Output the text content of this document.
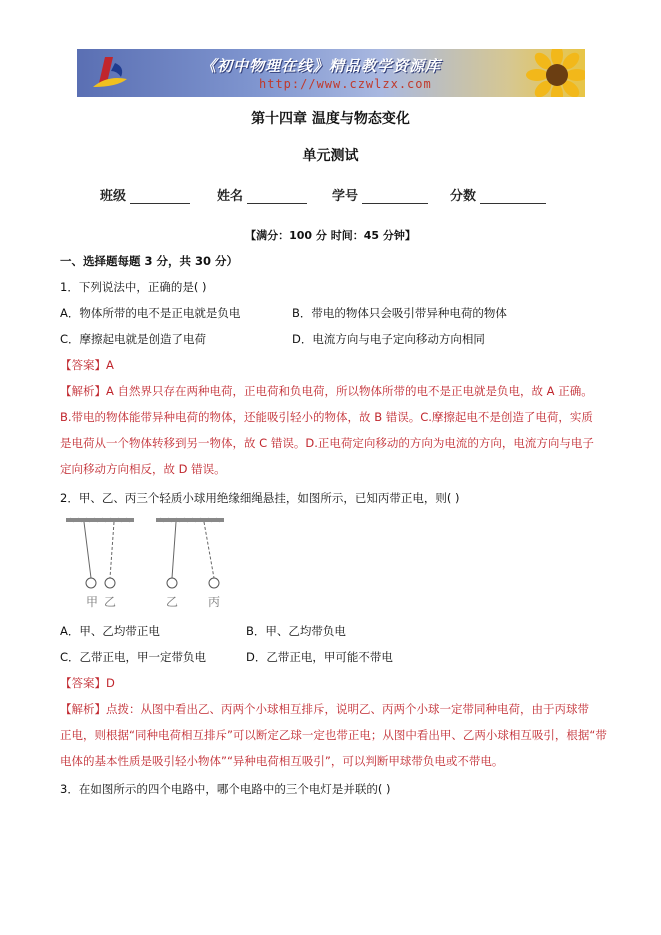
《初中物理在线》精品教学资源库
http://www.czwlzx.com
第十四章 温度与物态变化
单元测试
班级	姓名	学号	分数
【满分：100 分 时间：45 分钟】
一、选择题每题 3 分，共 30 分）
1．下列说法中，正确的是( )
A．物体所带的电不是正电就是负电	B．带电的物体只会吸引带异种电荷的物体
C．摩擦起电就是创造了电荷	D．电流方向与电子定向移动方向相同
【答案】A
【解析】A 自然界只存在两种电荷，正电荷和负电荷，所以物体所带的电不是正电就是负电，故 A 正确。
B.带电的物体能带异种电荷的物体，还能吸引轻小的物体，故 B 错误。C.摩擦起电不是创造了电荷，实质
是电荷从一个物体转移到另一物体，故 C 错误。D.正电荷定向移动的方向为电流的方向，电流方向与电子
定向移动方向相反，故 D 错误。
2．甲、乙、丙三个轻质小球用绝缘细绳悬挂，如图所示，已知丙带正电，则( )
甲 乙	乙 丙
A．甲、乙均带正电	B．甲、乙均带负电
C．乙带正电，甲一定带负电	D．乙带正电，甲可能不带电
【答案】D
【解析】点拨：从图中看出乙、丙两个小球相互排斥，说明乙、丙两个小球一定带同种电荷，由于丙球带
正电，则根据“同种电荷相互排斥”可以断定乙球一定也带正电；从图中看出甲、乙两小球相互吸引，根据“带
电体的基本性质是吸引轻小物体”“异种电荷相互吸引”，可以判断甲球带负电或不带电。
3．在如图所示的四个电路中，哪个电路中的三个电灯是并联的( )
